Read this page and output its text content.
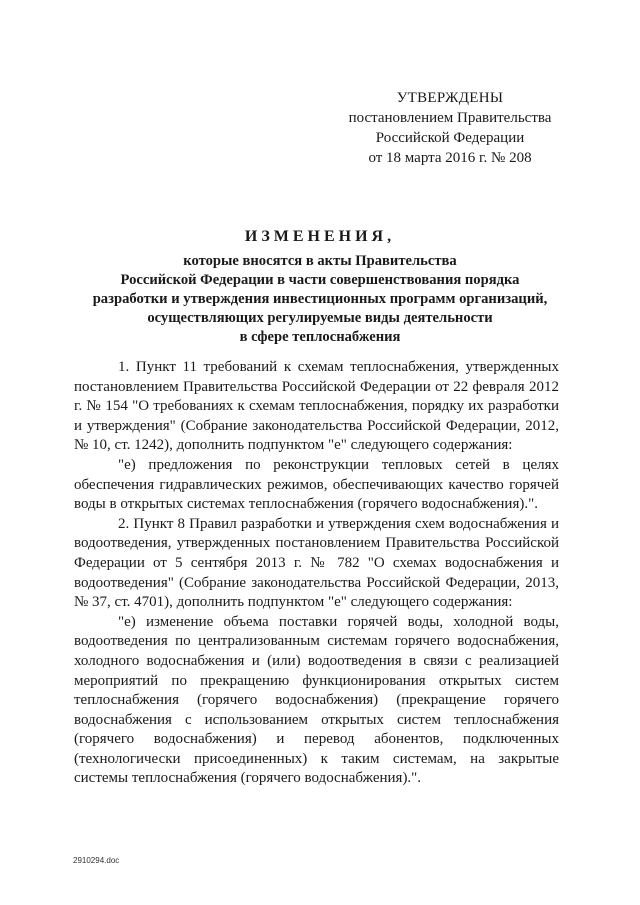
УТВЕРЖДЕНЫ
постановлением Правительства
Российской Федерации
от 18 марта 2016 г. № 208
ИЗМЕНЕНИЯ,
которые вносятся в акты Правительства
Российской Федерации в части совершенствования порядка
разработки и утверждения инвестиционных программ организаций,
осуществляющих регулируемые виды деятельности
в сфере теплоснабжения

1. Пункт 11 требований к схемам теплоснабжения, утвержденных постановлением Правительства Российской Федерации от 22 февраля 2012 г. № 154 "О требованиях к схемам теплоснабжения, порядку их разработки и утверждения" (Собрание законодательства Российской Федерации, 2012, № 10, ст. 1242), дополнить подпунктом "е" следующего содержания:

"е) предложения по реконструкции тепловых сетей в целях обеспечения гидравлических режимов, обеспечивающих качество горячей воды в открытых системах теплоснабжения (горячего водоснабжения).".

2. Пункт 8 Правил разработки и утверждения схем водоснабжения и водоотведения, утвержденных постановлением Правительства Российской Федерации от 5 сентября 2013 г. № 782 "О схемах водоснабжения и водоотведения" (Собрание законодательства Российской Федерации, 2013, № 37, ст. 4701), дополнить подпунктом "е" следующего содержания:

"е) изменение объема поставки горячей воды, холодной воды, водоотведения по централизованным системам горячего водоснабжения, холодного водоснабжения и (или) водоотведения в связи с реализацией мероприятий по прекращению функционирования открытых систем теплоснабжения (горячего водоснабжения) (прекращение горячего водоснабжения с использованием открытых систем теплоснабжения (горячего водоснабжения) и перевод абонентов, подключенных (технологически присоединенных) к таким системам, на закрытые системы теплоснабжения (горячего водоснабжения).".

2910294.doc
